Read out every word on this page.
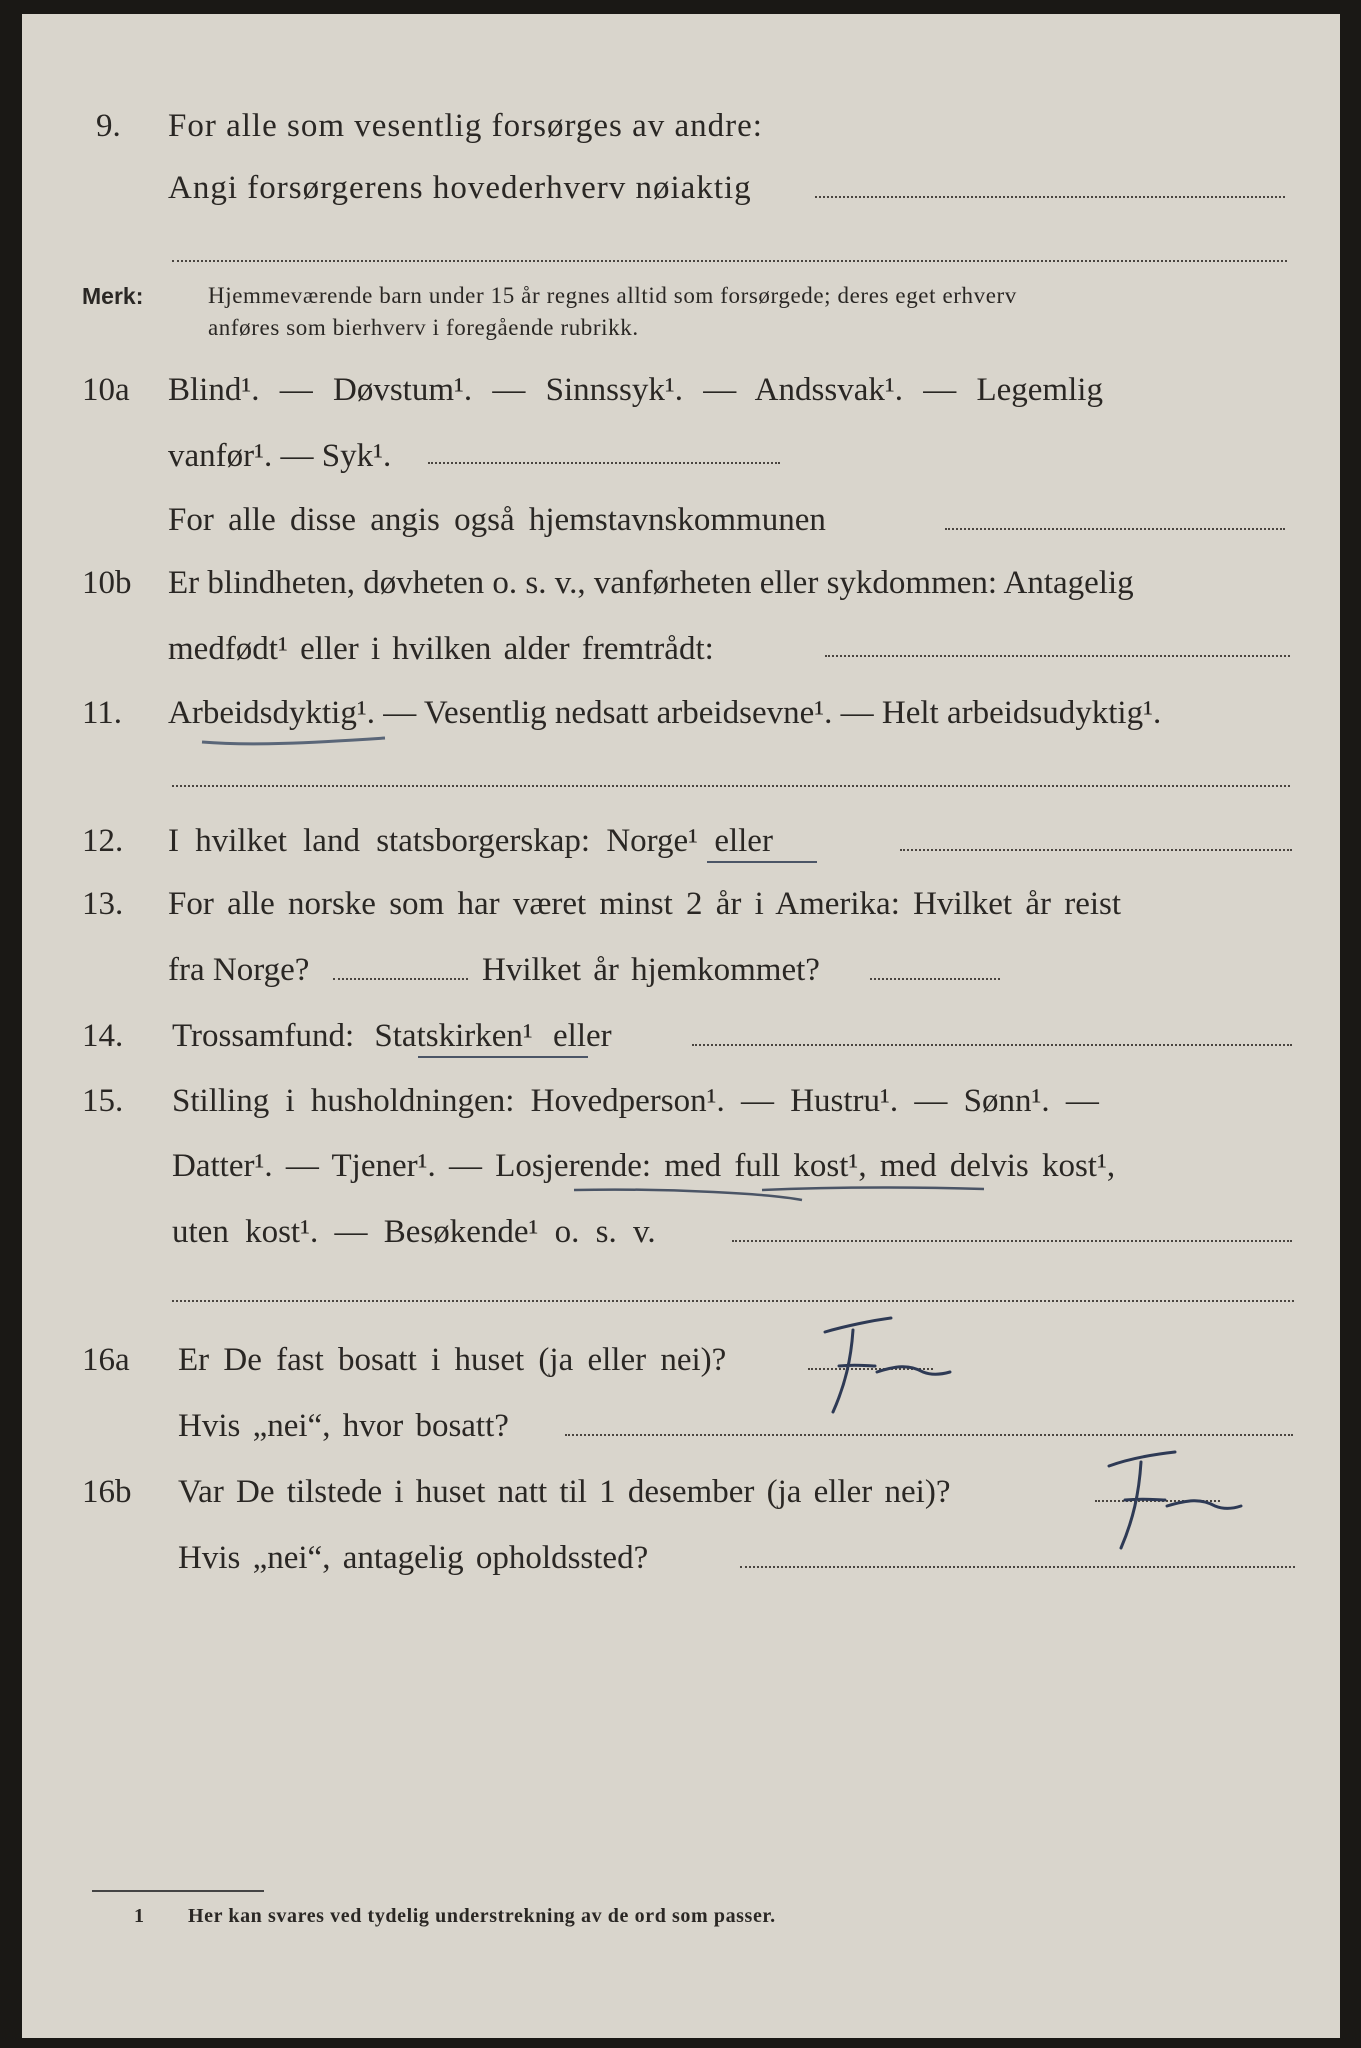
9. For alle som vesentlig forsørges av andre:
Angi forsørgerens hovederhverv nøiaktig
Merk:	Hjemmeværende barn under 15 år regnes alltid som forsørgede; deres eget erhverv
anføres som bierhverv i foregående rubrikk.
10a Blind¹. — Døvstum¹. — Sinnssyk¹. — Andssvak¹. — Legemlig
vanfør¹. — Syk¹.
For alle disse angis også hjemstavnskommunen
10b Er blindheten, døvheten o. s. v., vanførheten eller sykdommen: Antagelig
medfødt¹ eller i hvilken alder fremtrådt:
11. Arbeidsdyktig¹. — Vesentlig nedsatt arbeidsevne¹. — Helt arbeidsudyktig¹.
12. I hvilket land statsborgerskap: Norge¹ eller
13. For alle norske som har været minst 2 år i Amerika: Hvilket år reist
fra Norge?	Hvilket år hjemkommet?
14. Trossamfund: Statskirken¹ eller
15. Stilling i husholdningen: Hovedperson¹. — Hustru¹. — Sønn¹. —
Datter¹. — Tjener¹. — Losjerende: med full kost¹, med delvis kost¹,
uten kost¹. — Besøkende¹ o. s. v.
16a Er De fast bosatt i huset (ja eller nei)?
Hvis „nei“, hvor bosatt?
16b Var De tilstede i huset natt til 1 desember (ja eller nei)?
Hvis „nei“, antagelig opholdssted?
1 Her kan svares ved tydelig understrekning av de ord som passer.
